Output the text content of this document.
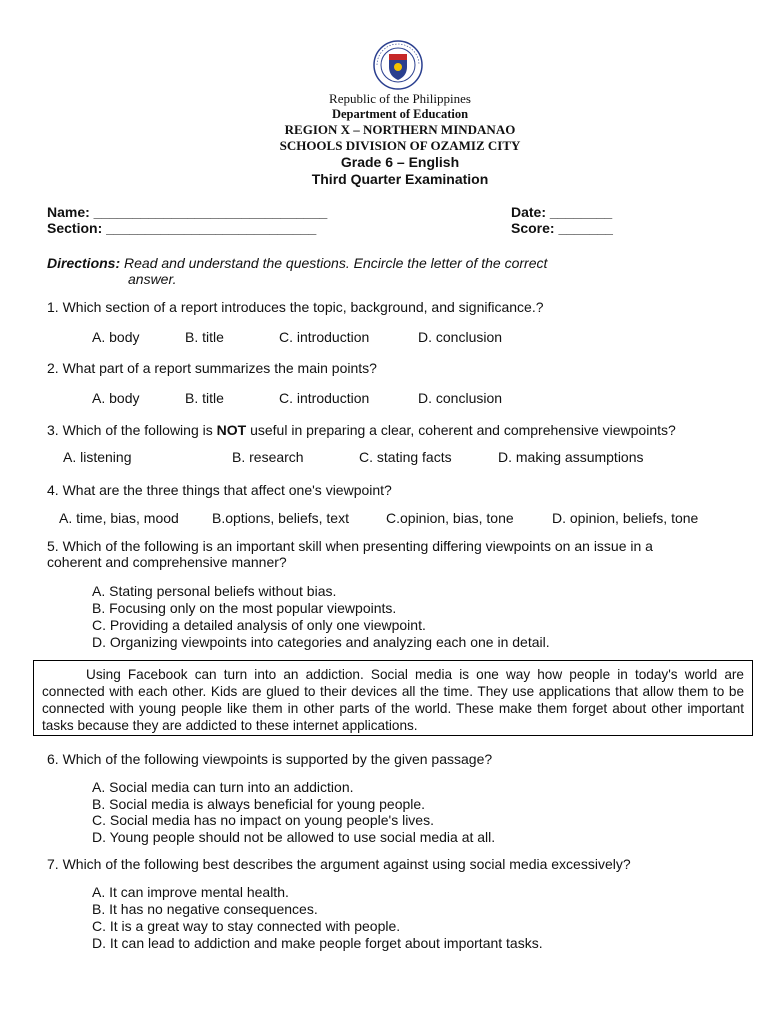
Republic of the Philippines
Department of Education
REGION X – NORTHERN MINDANAO
SCHOOLS DIVISION OF OZAMIZ CITY
Grade 6 – English
Third Quarter Examination
Name: ______________________________	Date: ________
Section: ___________________________	Score: _______
Directions: Read and understand the questions. Encircle the letter of the correct
answer.
1. Which section of a report introduces the topic, background, and significance.?
A. body	B. title	C. introduction	D. conclusion
2. What part of a report summarizes the main points?
A. body	B. title	C. introduction	D. conclusion
3. Which of the following is NOT useful in preparing a clear, coherent and comprehensive viewpoints?
A. listening	B. research	C. stating facts	D. making assumptions
4. What are the three things that affect one's viewpoint?
A. time, bias, mood B.options, beliefs, text	C.opinion, bias, tone	D. opinion, beliefs, tone
5. Which of the following is an important skill when presenting differing viewpoints on an issue in a
coherent and comprehensive manner?
A. Stating personal beliefs without bias.
B. Focusing only on the most popular viewpoints.
C. Providing a detailed analysis of only one viewpoint.
D. Organizing viewpoints into categories and analyzing each one in detail.
Using Facebook can turn into an addiction. Social media is one way how people in today's world are connected with each other. Kids are glued to their devices all the time. They use applications that allow them to be connected with young people like them in other parts of the world. These make them forget about other important tasks because they are addicted to these internet applications.
6. Which of the following viewpoints is supported by the given passage?
A. Social media can turn into an addiction.
B. Social media is always beneficial for young people.
C. Social media has no impact on young people's lives.
D. Young people should not be allowed to use social media at all.
7. Which of the following best describes the argument against using social media excessively?
A. It can improve mental health.
B. It has no negative consequences.
C. It is a great way to stay connected with people.
D. It can lead to addiction and make people forget about important tasks.
